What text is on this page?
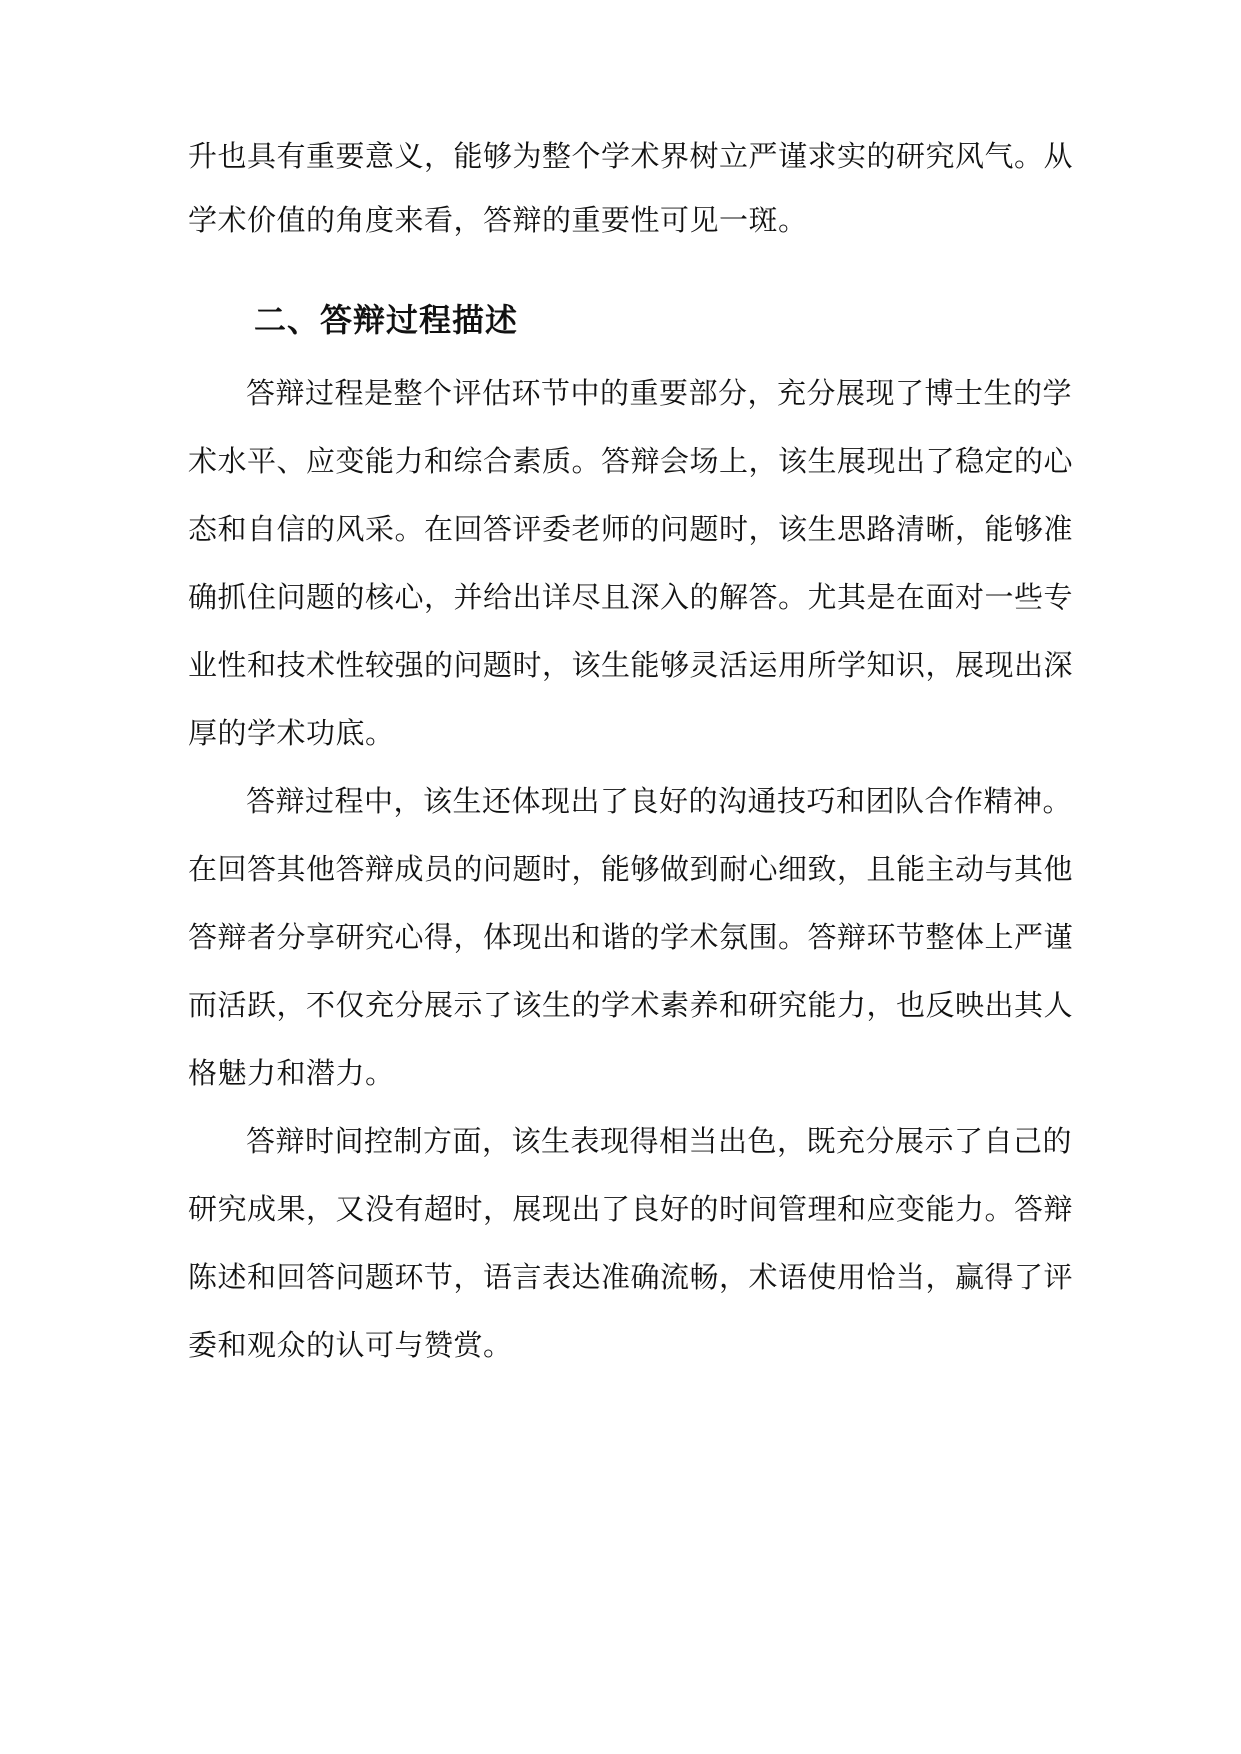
升也具有重要意义，能够为整个学术界树立严谨求实的研究风气。从
学术价值的角度来看，答辩的重要性可见一斑。
二、答辩过程描述
答辩过程是整个评估环节中的重要部分，充分展现了博士生的学
术水平、应变能力和综合素质。答辩会场上，该生展现出了稳定的心
态和自信的风采。在回答评委老师的问题时，该生思路清晰，能够准
确抓住问题的核心，并给出详尽且深入的解答。尤其是在面对一些专
业性和技术性较强的问题时，该生能够灵活运用所学知识，展现出深
厚的学术功底。
答辩过程中，该生还体现出了良好的沟通技巧和团队合作精神。
在回答其他答辩成员的问题时，能够做到耐心细致，且能主动与其他
答辩者分享研究心得，体现出和谐的学术氛围。答辩环节整体上严谨
而活跃，不仅充分展示了该生的学术素养和研究能力，也反映出其人
格魅力和潜力。
答辩时间控制方面，该生表现得相当出色，既充分展示了自己的
研究成果，又没有超时，展现出了良好的时间管理和应变能力。答辩
陈述和回答问题环节，语言表达准确流畅，术语使用恰当，赢得了评
委和观众的认可与赞赏。
